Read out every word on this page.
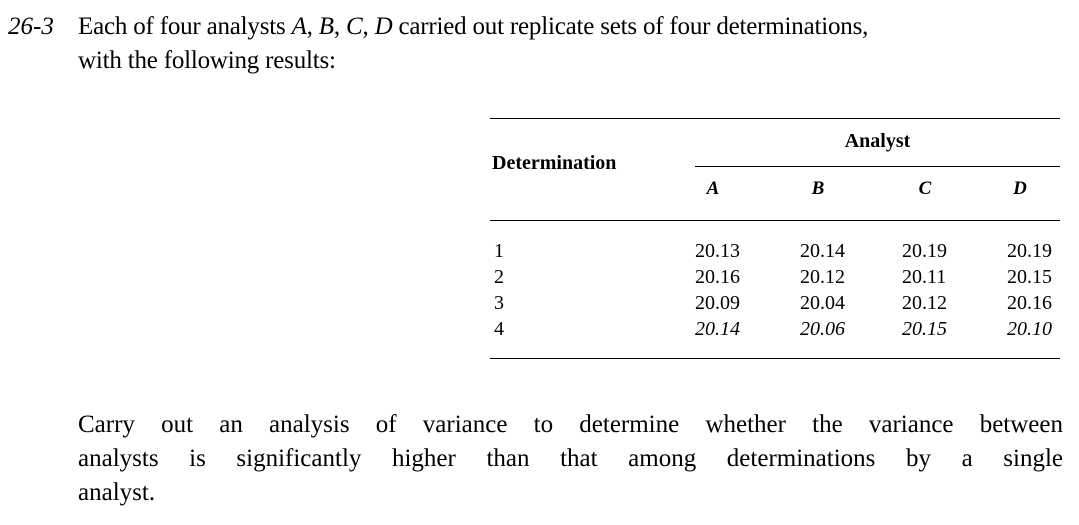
26-3 Each of four analysts A, B, C, D carried out replicate sets of four determinations,

with the following results:

Analyst
Determination
A	B	C	D
1	20.13	20.14	20.19	20.19
2	20.16	20.12	20.11	20.15
3	20.09	20.04	20.12	20.16
4	20.14	20.06	20.15	20.10
Carry out an analysis of variance to determine whether the variance between
analysts is significantly higher than that among determinations by a single
analyst.
